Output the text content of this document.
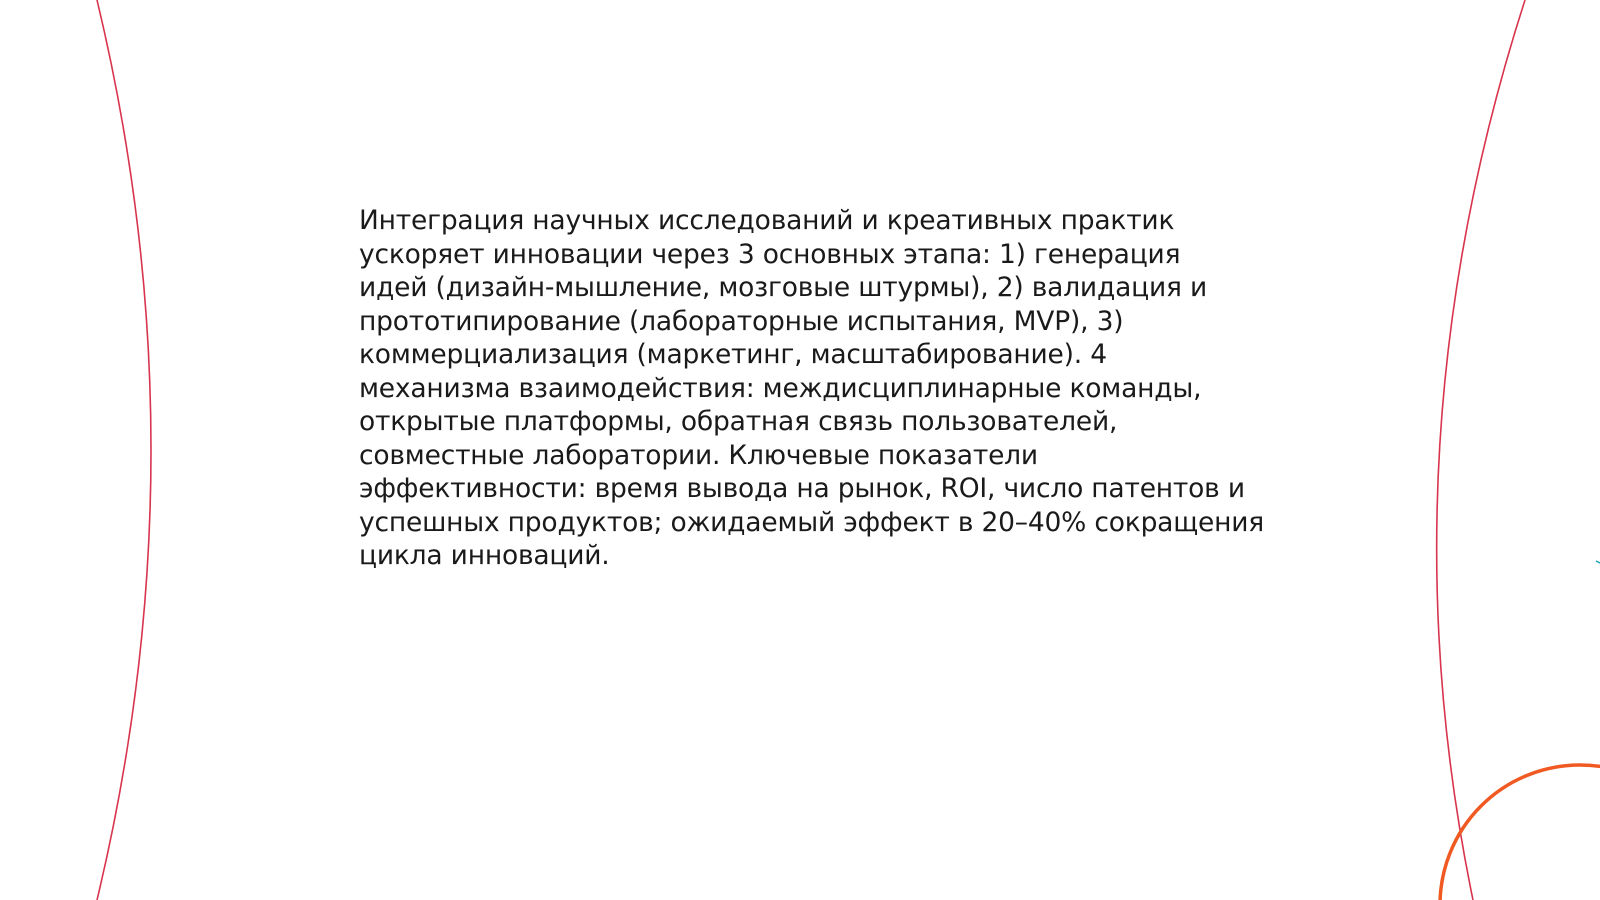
Интеграция научных исследований и креативных практик
ускоряет инновации через 3 основных этапа: 1) генерация
идей (дизайн-мышление, мозговые штурмы), 2) валидация и
прототипирование (лабораторные испытания, MVP), 3)
коммерциализация (маркетинг, масштабирование). 4
механизма взаимодействия: междисциплинарные команды,
открытые платформы, обратная связь пользователей,
совместные лаборатории. Ключевые показатели
эффективности: время вывода на рынок, ROI, число патентов и
успешных продуктов; ожидаемый эффект в 20–40% сокращения
цикла инноваций.
